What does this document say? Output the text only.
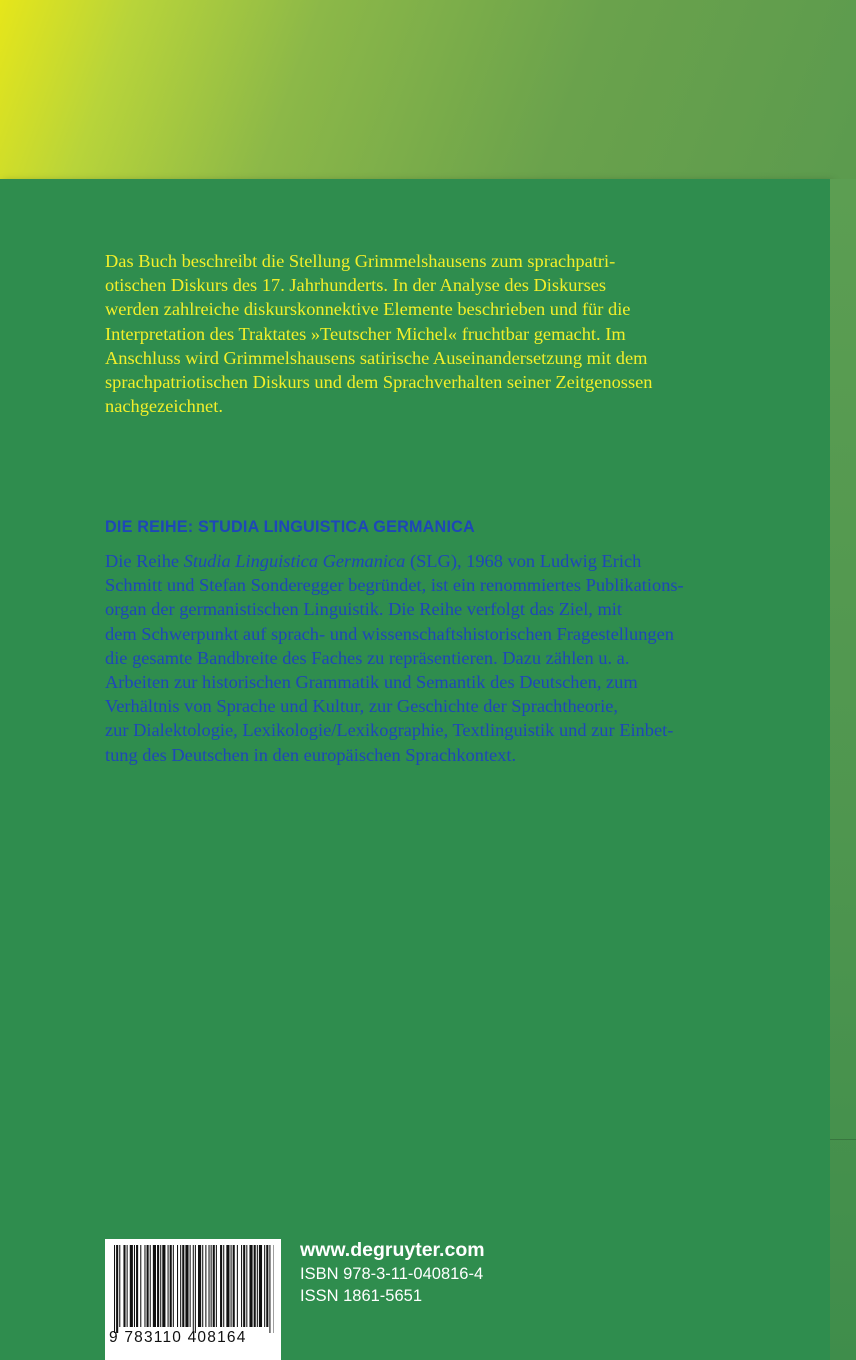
Das Buch beschreibt die Stellung Grimmelshausens zum sprachpatri-
otischen Diskurs des 17. Jahrhunderts. In der Analyse des Diskurses
werden zahlreiche diskurskonnektive Elemente beschrieben und für die
Interpretation des Traktates »Teutscher Michel« fruchtbar gemacht. Im
Anschluss wird Grimmelshausens satirische Auseinandersetzung mit dem
sprachpatriotischen Diskurs und dem Sprachverhalten seiner Zeitgenossen
nachgezeichnet.

DIE REIHE: STUDIA LINGUISTICA GERMANICA

Die Reihe Studia Linguistica Germanica (SLG), 1968 von Ludwig Erich
Schmitt und Stefan Sonderegger begründet, ist ein renommiertes Publikations-
organ der germanistischen Linguistik. Die Reihe verfolgt das Ziel, mit
dem Schwerpunkt auf sprach- und wissenschaftshistorischen Fragestellungen
die gesamte Bandbreite des Faches zu repräsentieren. Dazu zählen u. a.
Arbeiten zur historischen Grammatik und Semantik des Deutschen, zum
Verhältnis von Sprache und Kultur, zur Geschichte der Sprachtheorie,
zur Dialektologie, Lexikologie/Lexikographie, Textlinguistik und zur Einbet-
tung des Deutschen in den europäischen Sprachkontext.

9 783110 408164
www.degruyter.com
ISBN 978-3-11-040816-4
ISSN 1861-5651
